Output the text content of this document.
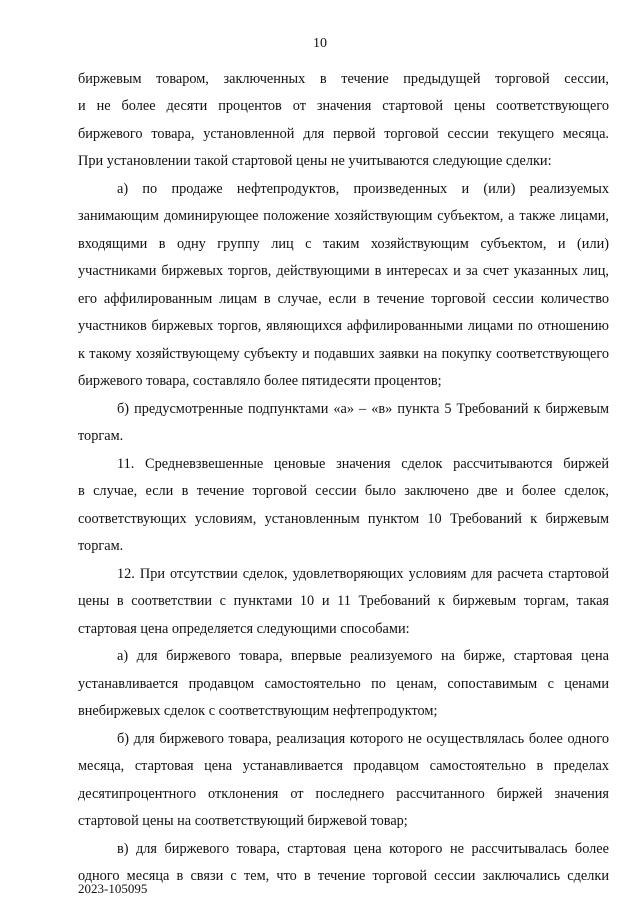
10
биржевым товаром, заключенных в течение предыдущей торговой сессии,
и не более десяти процентов от значения стартовой цены соответствующего
биржевого товара, установленной для первой торговой сессии текущего месяца.
При установлении такой стартовой цены не учитываются следующие сделки:
а) по продаже нефтепродуктов, произведенных и (или) реализуемых
занимающим доминирующее положение хозяйствующим субъектом, а также лицами,
входящими в одну группу лиц с таким хозяйствующим субъектом, и (или)
участниками биржевых торгов, действующими в интересах и за счет указанных лиц,
его аффилированным лицам в случае, если в течение торговой сессии количество
участников биржевых торгов, являющихся аффилированными лицами по отношению
к такому хозяйствующему субъекту и подавших заявки на покупку соответствующего
биржевого товара, составляло более пятидесяти процентов;
б) предусмотренные подпунктами «а» – «в» пункта 5 Требований к биржевым
торгам.
11. Средневзвешенные ценовые значения сделок рассчитываются биржей
в случае, если в течение торговой сессии было заключено две и более сделок,
соответствующих условиям, установленным пунктом 10 Требований к биржевым
торгам.
12. При отсутствии сделок, удовлетворяющих условиям для расчета стартовой
цены в соответствии с пунктами 10 и 11 Требований к биржевым торгам, такая
стартовая цена определяется следующими способами:
а) для биржевого товара, впервые реализуемого на бирже, стартовая цена
устанавливается продавцом самостоятельно по ценам, сопоставимым с ценами
внебиржевых сделок с соответствующим нефтепродуктом;
б) для биржевого товара, реализация которого не осуществлялась более одного
месяца, стартовая цена устанавливается продавцом самостоятельно в пределах
десятипроцентного отклонения от последнего рассчитанного биржей значения
стартовой цены на соответствующий биржевой товар;
в) для биржевого товара, стартовая цена которого не рассчитывалась более
одного месяца в связи с тем, что в течение торговой сессии заключались сделки
2023-105095
